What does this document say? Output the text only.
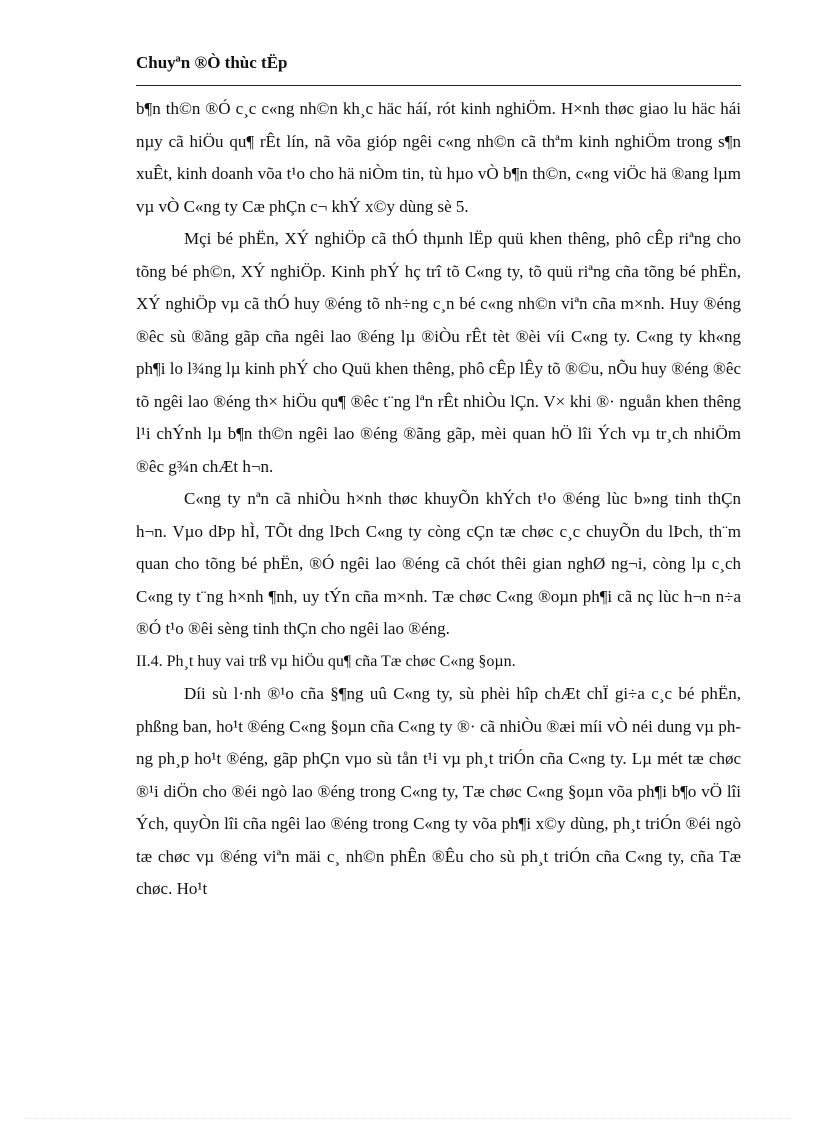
Chuyªn ®Ò thùc tËp

b¶n th©n ®Ó c¸c c«ng nh©n kh¸c häc háí, rót kinh nghiÖm. H×nh thøc giao lu häc hái nµy cã hiÖu qu¶ rÊt lín, nã võa gióp ngêi c«ng nh©n cã thªm kinh nghiÖm trong s¶n xuÊt, kinh doanh võa t¹o cho hä niÒm tin, tù hµo vÒ b¶n th©n, c«ng viÖc hä ®ang lµm vµ vÒ C«ng ty Cæ phÇn c¬ khÝ x©y dùng sè 5.

Mçi bé phËn, XÝ nghiÖp cã thÓ thµnh lËp quü khen thêng, phô cÊp riªng cho tõng bé ph©n, XÝ nghiÖp. Kinh phÝ hç trî tõ C«ng ty, tõ quü riªng cña tõng bé phËn, XÝ nghiÖp vµ cã thÓ huy ®éng tõ nh÷ng c¸n bé c«ng nh©n viªn cña m×nh. Huy ®éng ®êc sù ®ãng gãp cña ngêi lao ®éng lµ ®iÒu rÊt tèt ®èi víi C«ng ty. C«ng ty kh«ng ph¶i lo l¾ng lµ kinh phÝ cho Quü khen thêng, phô cÊp lÊy tõ ®©u, nÕu huy ®éng ®êc tõ ngêi lao ®éng th× hiÖu qu¶ ®êc t¨ng lªn rÊt nhiÒu lÇn. V× khi ®· nguån khen thêng l¹i chÝnh lµ b¶n th©n ngêi lao ®éng ®ãng gãp, mèi quan hÖ lîi Ých vµ tr¸ch nhiÖm ®êc g¾n chÆt h¬n.

C«ng ty nªn cã nhiÒu h×nh thøc khuyÕn khÝch t¹o ®éng lùc b»ng tinh thÇn h¬n. Vµo dÞp hÌ, TÕt dng lÞch C«ng ty còng cÇn tæ chøc c¸c chuyÕn du lÞch, th¨m quan cho tõng bé phËn, ®Ó ngêi lao ®éng cã chót thêi gian nghØ ng¬i, còng lµ c¸ch C«ng ty t¨ng h×nh ¶nh, uy tÝn cña m×nh. Tæ chøc C«ng ®oµn ph¶i cã nç lùc h¬n n÷a ®Ó t¹o ®êi sèng tinh thÇn cho ngêi lao ®éng.

II.4. Ph¸t huy vai trß vµ hiÖu qu¶ cña Tæ chøc C«ng §oµn.

Díi sù l·nh ®¹o cña §¶ng uû C«ng ty, sù phèi hîp chÆt chÏ gi÷a c¸c bé phËn, phßng ban, ho¹t ®éng C«ng §oµn cña C«ng ty ®· cã nhiÒu ®æi míi vÒ néi dung vµ phng ph¸p ho¹t ®éng, gãp phÇn vµo sù tån t¹i vµ ph¸t triÓn cña C«ng ty. Lµ mét tæ chøc ®¹i diÖn cho ®éi ngò lao ®éng trong C«ng ty, Tæ chøc C«ng §oµn võa ph¶i b¶o vÖ lîi Ých, quyÒn lîi cña ngêi lao ®éng trong C«ng ty võa ph¶i x©y dùng, ph¸t triÓn ®éi ngò tæ chøc vµ ®éng viªn mäi c¸ nh©n phÊn ®Êu cho sù ph¸t triÓn cña C«ng ty, cña Tæ chøc. Ho¹t
